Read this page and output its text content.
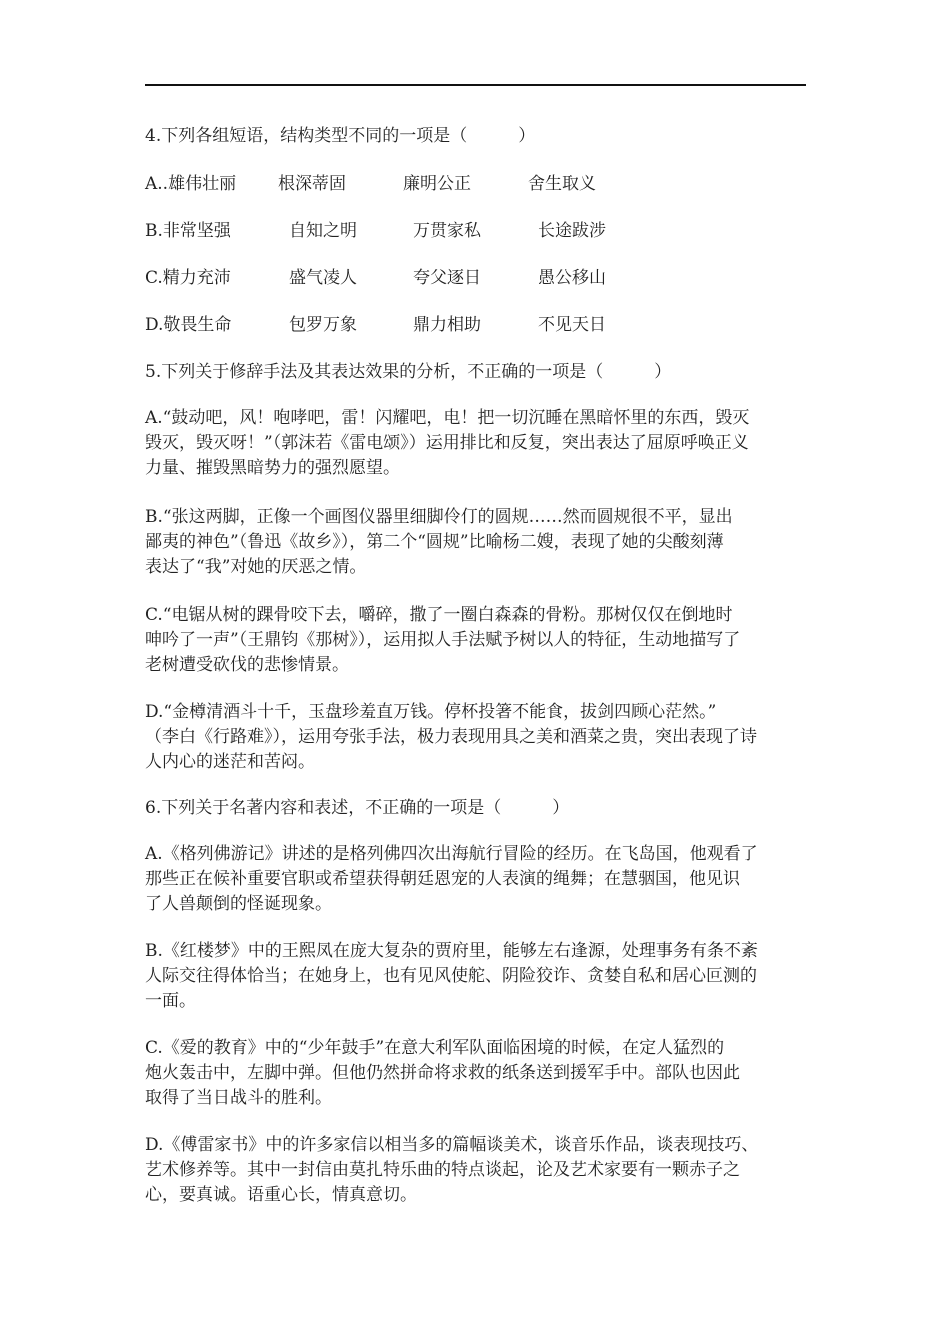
4.下列各组短语，结构类型不同的一项是（　　　）
A..雄伟壮丽 根深蒂固	廉明公正	舍生取义
B.非常坚强	自知之明	万贯家私	长途跋涉
C.精力充沛	盛气凌人	夸父逐日	愚公移山
D.敬畏生命	包罗万象	鼎力相助	不见天日
5.下列关于修辞手法及其表达效果的分析，不正确的一项是（　　　）
A.“鼓动吧，风！咆哮吧，雷！闪耀吧，电！把一切沉睡在黑暗怀里的东西，毁灭
毁灭，毁灭呀！”（郭沫若《雷电颂》）运用排比和反复，突出表达了屈原呼唤正义
力量、摧毁黑暗势力的强烈愿望。
B.“张这两脚，正像一个画图仪器里细脚伶仃的圆规……然而圆规很不平，显出
鄙夷的神色”（鲁迅《故乡》），第二个“圆规”比喻杨二嫂，表现了她的尖酸刻薄
表达了“我”对她的厌恶之情。
C.“电锯从树的踝骨咬下去，嚼碎，撒了一圈白森森的骨粉。那树仅仅在倒地时
呻吟了一声”（王鼎钧《那树》），运用拟人手法赋予树以人的特征，生动地描写了
老树遭受砍伐的悲惨情景。
D.“金樽清酒斗十千，玉盘珍羞直万钱。停杯投箸不能食，拔剑四顾心茫然。”
（李白《行路难》），运用夸张手法，极力表现用具之美和酒菜之贵，突出表现了诗
人内心的迷茫和苦闷。
6.下列关于名著内容和表述，不正确的一项是（　　　）
A.《格列佛游记》讲述的是格列佛四次出海航行冒险的经历。在飞岛国，他观看了
那些正在候补重要官职或希望获得朝廷恩宠的人表演的绳舞；在慧骃国，他见识
了人兽颠倒的怪诞现象。
B.《红楼梦》中的王熙凤在庞大复杂的贾府里，能够左右逢源，处理事务有条不紊
人际交往得体恰当；在她身上，也有见风使舵、阴险狡诈、贪婪自私和居心叵测的
一面。
C.《爱的教育》中的“少年鼓手”在意大利军队面临困境的时候，在定人猛烈的
炮火轰击中，左脚中弹。但他仍然拼命将求救的纸条送到援军手中。部队也因此
取得了当日战斗的胜利。
D.《傅雷家书》中的许多家信以相当多的篇幅谈美术，谈音乐作品，谈表现技巧、
艺术修养等。其中一封信由莫扎特乐曲的特点谈起，论及艺术家要有一颗赤子之
心，要真诚。语重心长，情真意切。
